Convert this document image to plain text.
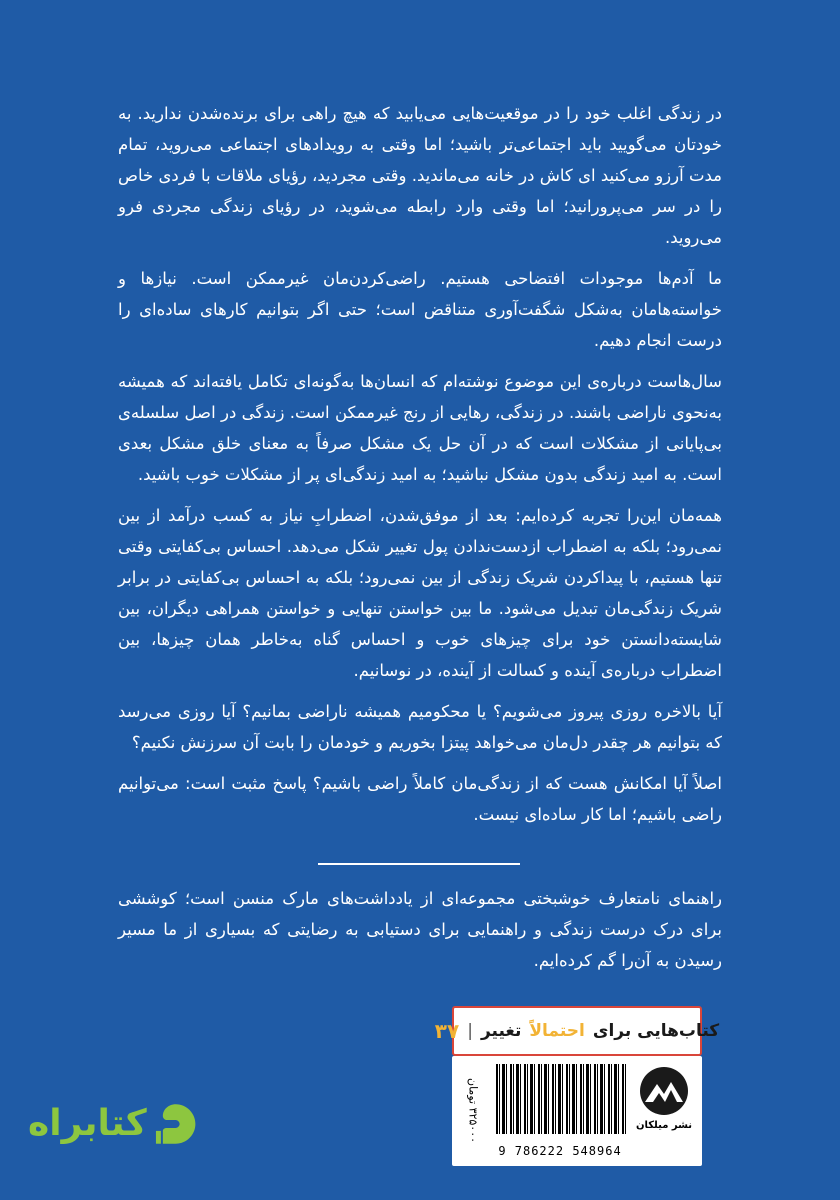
در زندگی اغلب خود را در موقعیت‌هایی می‌یابید که هیچ راهی برای برنده‌شدن ندارید. به خودتان می‌گویید باید اجتماعی‌تر باشید؛ اما وقتی به رویدادهای اجتماعی می‌روید، تمام مدت آرزو می‌کنید ای کاش در خانه می‌ماندید. وقتی مجردید، رؤیای ملاقات با فردی خاص را در سر می‌پرورانید؛ اما وقتی وارد رابطه می‌شوید، در رؤیای زندگی مجردی فرو می‌روید.

ما آدم‌ها موجودات افتضاحی هستیم. راضی‌کردن‌مان غیرممکن است. نیازها و خواسته‌هامان به‌شکل شگفت‌آوری متناقض است؛ حتی اگر بتوانیم کارهای ساده‌ای را درست انجام دهیم.

سال‌هاست درباره‌ی این موضوع نوشته‌ام که انسان‌ها به‌گونه‌ای تکامل یافته‌اند که همیشه به‌نحوی ناراضی باشند. در زندگی، رهایی از رنج غیرممکن است. زندگی در اصل سلسله‌ی بی‌پایانی از مشکلات است که در آن حل یک مشکل صرفاً به معنای خلق مشکل بعدی است. به امید زندگی بدون مشکل نباشید؛ به امید زندگی‌ای پر از مشکلات خوب باشید.

همه‌مان این‌را تجربه کرده‌ایم: بعد از موفق‌شدن، اضطرابِ نیاز به کسب درآمد از بین نمی‌رود؛ بلکه به اضطراب ازدست‌ندادن پول تغییر شکل می‌دهد. احساس بی‌کفایتی وقتی تنها هستیم، با پیداکردن شریک زندگی از بین نمی‌رود؛ بلکه به احساس بی‌کفایتی در برابر شریک زندگی‌مان تبدیل می‌شود. ما بین خواستن تنهایی و خواستن همراهی دیگران، بین شایسته‌دانستن خود برای چیزهای خوب و احساس گناه به‌خاطر همان چیزها، بین اضطراب درباره‌ی آینده و کسالت از آینده، در نوسانیم.

آیا بالاخره روزی پیروز می‌شویم؟ یا محکومیم همیشه ناراضی بمانیم؟ آیا روزی می‌رسد که بتوانیم هر چقدر دل‌مان می‌خواهد پیتزا بخوریم و خودمان را بابت آن سرزنش نکنیم؟

اصلاً آیا امکانش هست که از زندگی‌مان کاملاً راضی باشیم؟ پاسخ مثبت است: می‌توانیم راضی باشیم؛ اما کار ساده‌ای نیست.

راهنمای نامتعارف خوشبختی مجموعه‌ای از یادداشت‌های مارک منسن است؛ کوششی برای درک درست زندگی و راهنمایی برای دستیابی به رضایتی که بسیاری از ما مسیر رسیدن به آن‌را گم کرده‌ایم.

کتاب‌هایی برای
احتمالاً
تغییر
|
۳۷
۳۲۵۰۰۰ تومان
9 786222 548964
نشر میلکان
کتابراه
